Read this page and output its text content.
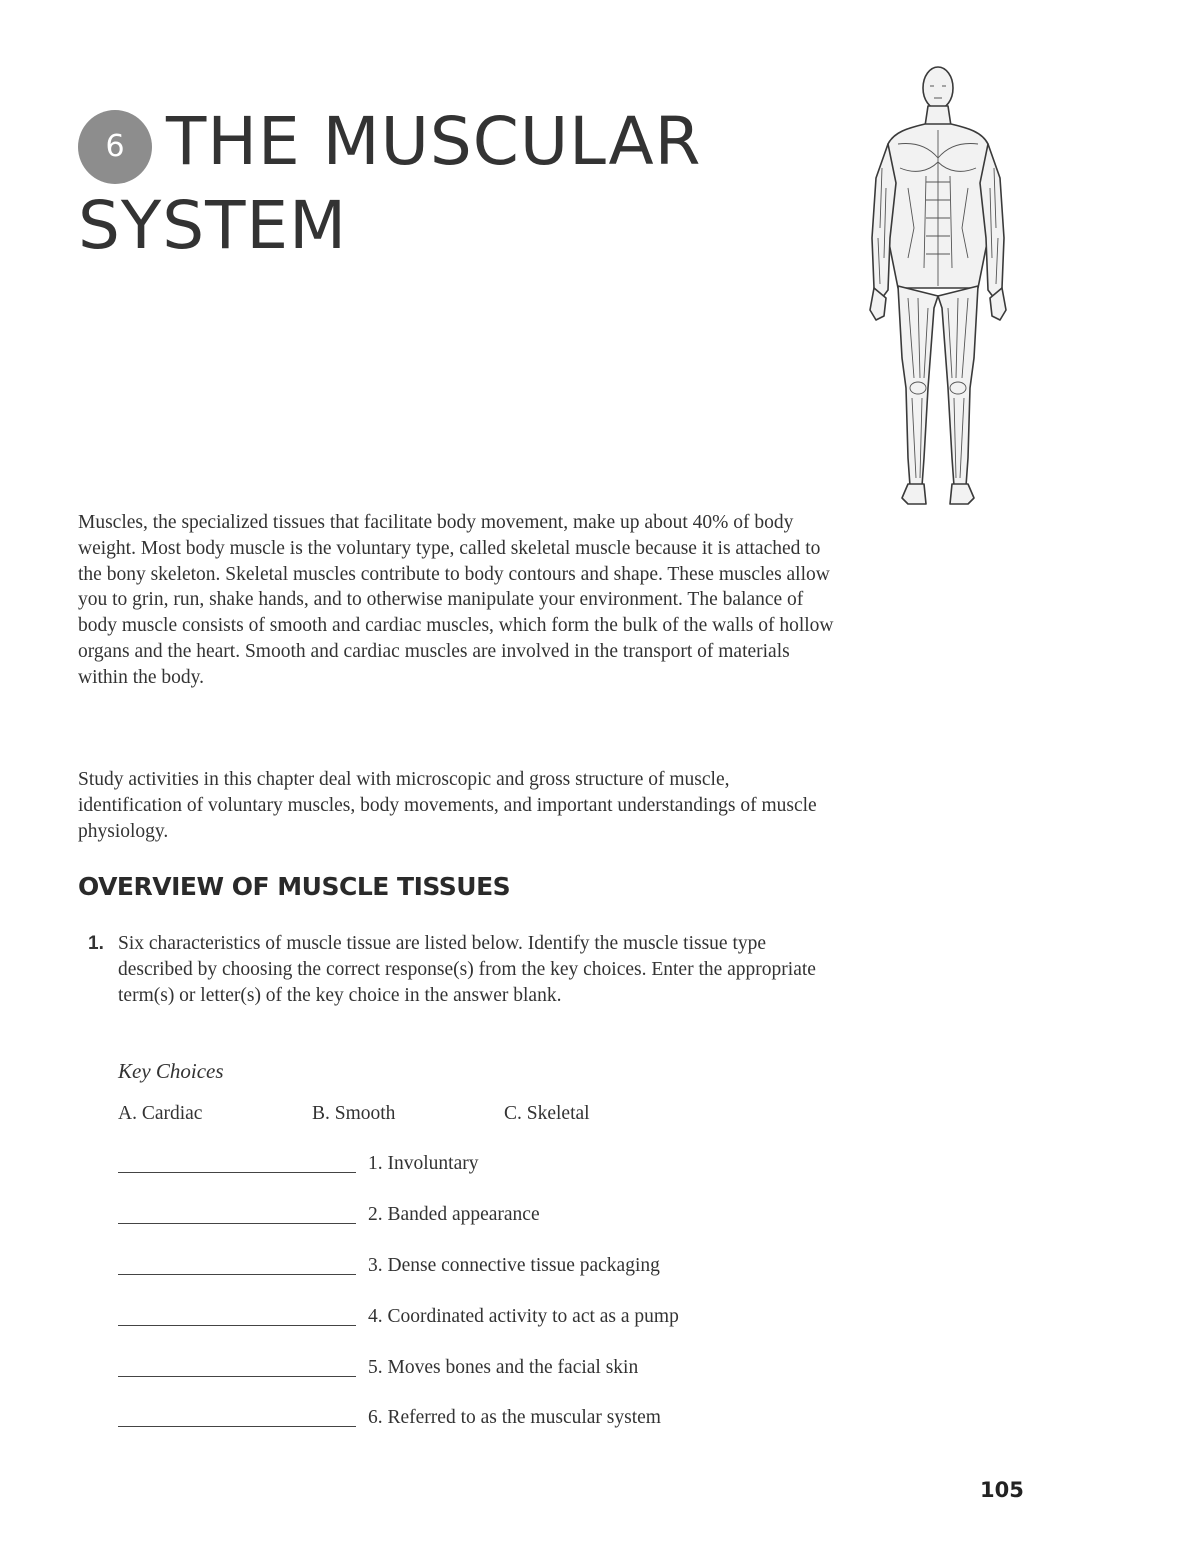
6 THE MUSCULAR SYSTEM

Muscles, the specialized tissues that facilitate body movement, make up about 40% of body weight. Most body muscle is the voluntary type, called skeletal muscle because it is attached to the bony skeleton. Skeletal muscles contribute to body contours and shape. These muscles allow you to grin, run, shake hands, and to otherwise manipulate your environment. The balance of body muscle consists of smooth and cardiac muscles, which form the bulk of the walls of hollow organs and the heart. Smooth and cardiac muscles are involved in the transport of materials within the body.

Study activities in this chapter deal with microscopic and gross structure of muscle, identification of voluntary muscles, body movements, and important understandings of muscle physiology.

OVERVIEW OF MUSCLE TISSUES
1. Six characteristics of muscle tissue are listed below. Identify the muscle tissue type described by choosing the correct response(s) from the key choices. Enter the appropriate term(s) or letter(s) of the key choice in the answer blank.

Key Choices
A. Cardiac	B. Smooth	C. Skeletal
1. Involuntary
2. Banded appearance
3. Dense connective tissue packaging
4. Coordinated activity to act as a pump
5. Moves bones and the facial skin
6. Referred to as the muscular system
105
